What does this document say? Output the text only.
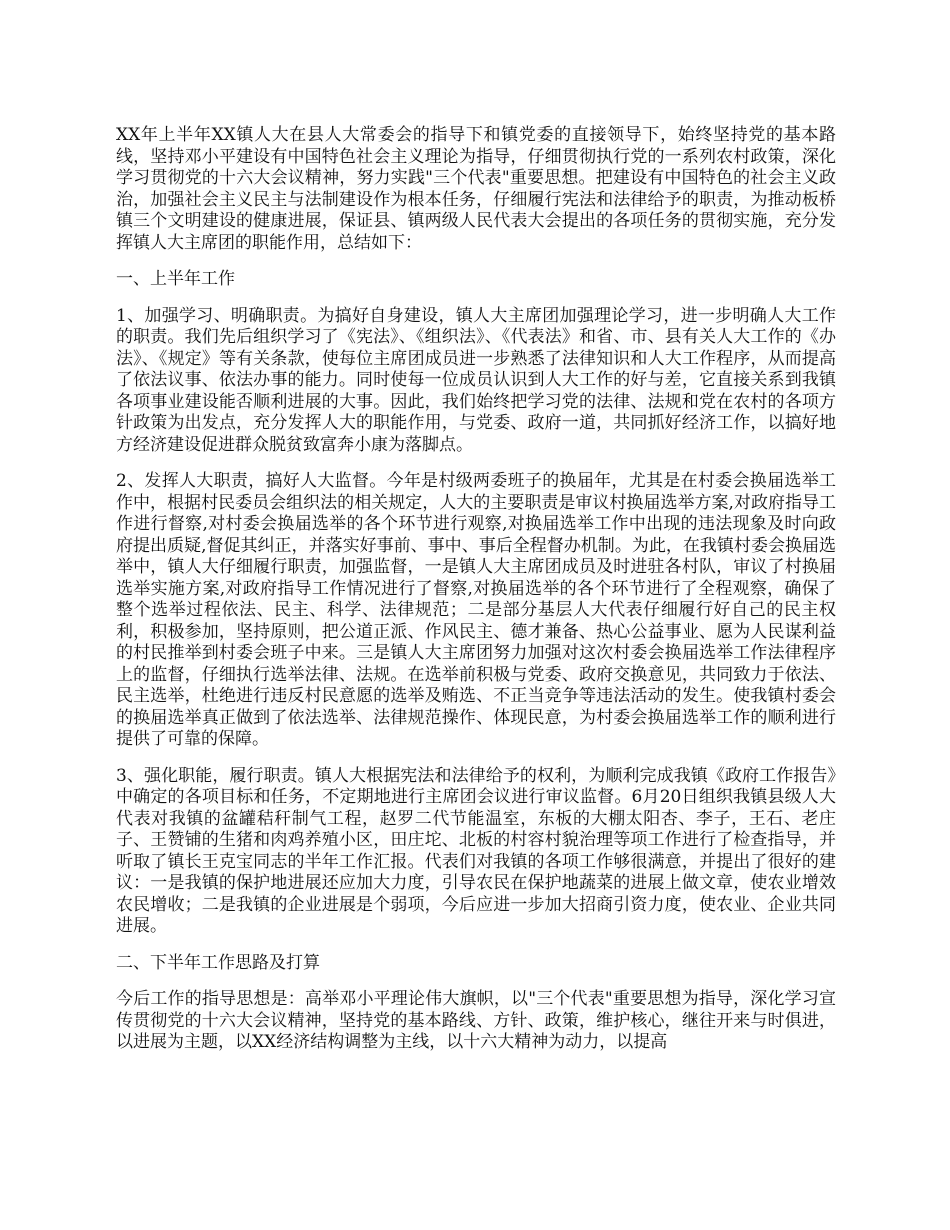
XX年上半年XX镇人大在县人大常委会的指导下和镇党委的直接领导下，始终坚持党的基本路线，坚持邓小平建设有中国特色社会主义理论为指导，仔细贯彻执行党的一系列农村政策，深化学习贯彻党的十六大会议精神，努力实践"三个代表"重要思想。把建设有中国特色的社会主义政治，加强社会主义民主与法制建设作为根本任务，仔细履行宪法和法律给予的职责，为推动板桥镇三个文明建设的健康进展，保证县、镇两级人民代表大会提出的各项任务的贯彻实施，充分发挥镇人大主席团的职能作用，总结如下：

一、上半年工作

1、加强学习、明确职责。为搞好自身建设，镇人大主席团加强理论学习，进一步明确人大工作的职责。我们先后组织学习了《宪法》、《组织法》、《代表法》和省、市、县有关人大工作的《办法》、《规定》等有关条款，使每位主席团成员进一步熟悉了法律知识和人大工作程序，从而提高了依法议事、依法办事的能力。同时使每一位成员认识到人大工作的好与差，它直接关系到我镇各项事业建设能否顺利进展的大事。因此，我们始终把学习党的法律、法规和党在农村的各项方针政策为出发点，充分发挥人大的职能作用，与党委、政府一道，共同抓好经济工作，以搞好地方经济建设促进群众脱贫致富奔小康为落脚点。

2、发挥人大职责，搞好人大监督。今年是村级两委班子的换届年，尤其是在村委会换届选举工作中，根据村民委员会组织法的相关规定，人大的主要职责是审议村换届选举方案,对政府指导工作进行督察,对村委会换届选举的各个环节进行观察,对换届选举工作中出现的违法现象及时向政府提出质疑,督促其纠正，并落实好事前、事中、事后全程督办机制。为此，在我镇村委会换届选举中，镇人大仔细履行职责，加强监督，一是镇人大主席团成员及时进驻各村队，审议了村换届选举实施方案,对政府指导工作情况进行了督察,对换届选举的各个环节进行了全程观察，确保了整个选举过程依法、民主、科学、法律规范；二是部分基层人大代表仔细履行好自己的民主权利，积极参加，坚持原则，把公道正派、作风民主、德才兼备、热心公益事业、愿为人民谋利益的村民推举到村委会班子中来。三是镇人大主席团努力加强对这次村委会换届选举工作法律程序上的监督，仔细执行选举法律、法规。在选举前积极与党委、政府交换意见，共同致力于依法、民主选举，杜绝进行违反村民意愿的选举及贿选、不正当竞争等违法活动的发生。使我镇村委会的换届选举真正做到了依法选举、法律规范操作、体现民意，为村委会换届选举工作的顺利进行提供了可靠的保障。

3、强化职能，履行职责。镇人大根据宪法和法律给予的权利，为顺利完成我镇《政府工作报告》中确定的各项目标和任务，不定期地进行主席团会议进行审议监督。6月20日组织我镇县级人大代表对我镇的盆罐秸秆制气工程，赵罗二代节能温室，东板的大棚太阳杏、李子，王石、老庄子、王赞铺的生猪和肉鸡养殖小区，田庄坨、北板的村容村貌治理等项工作进行了检查指导，并听取了镇长王克宝同志的半年工作汇报。代表们对我镇的各项工作够很满意，并提出了很好的建议：一是我镇的保护地进展还应加大力度，引导农民在保护地蔬菜的进展上做文章，使农业增效农民增收；二是我镇的企业进展是个弱项，今后应进一步加大招商引资力度，使农业、企业共同进展。

二、下半年工作思路及打算

今后工作的指导思想是：高举邓小平理论伟大旗帜，以"三个代表"重要思想为指导，深化学习宣传贯彻党的十六大会议精神，坚持党的基本路线、方针、政策，维护核心，继往开来与时俱进，以进展为主题，以XX经济结构调整为主线，以十六大精神为动力，以提高
